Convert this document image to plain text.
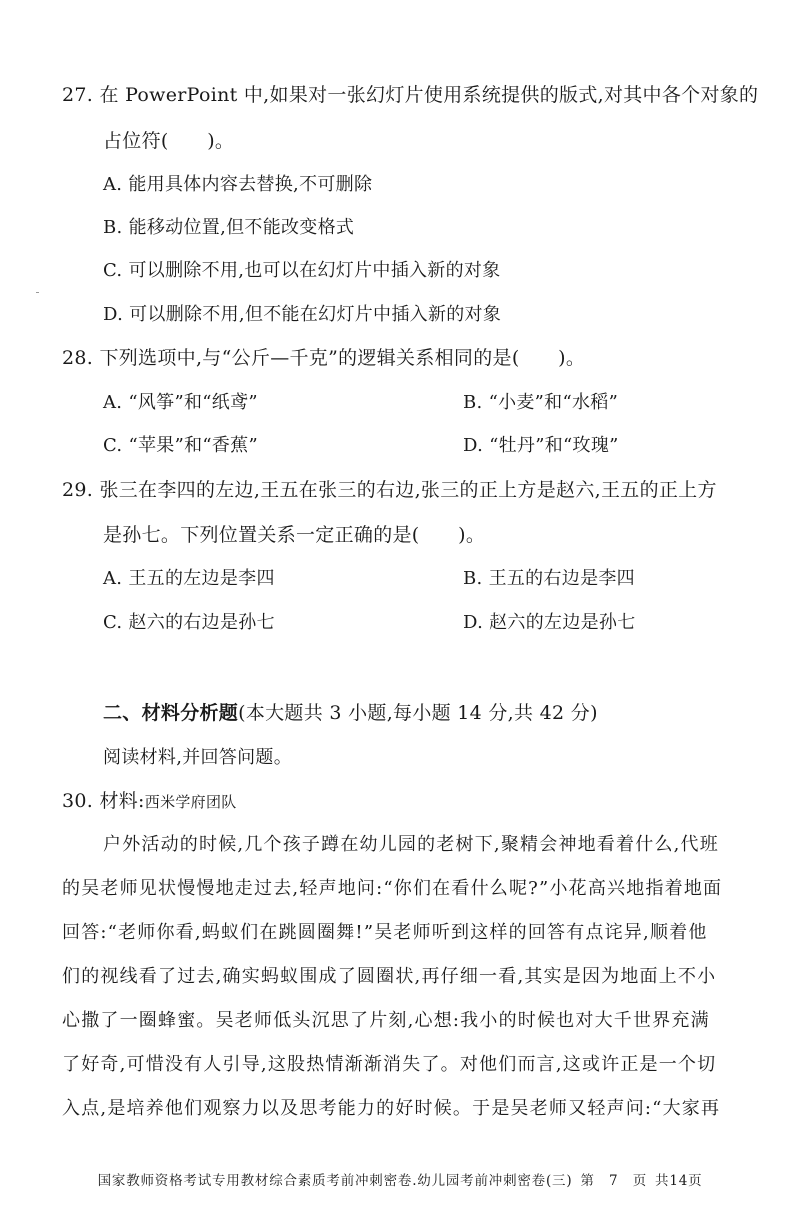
27. 在 PowerPoint 中,如果对一张幻灯片使用系统提供的版式,对其中各个对象的
占位符(　　)。
A. 能用具体内容去替换,不可删除
B. 能移动位置,但不能改变格式
C. 可以删除不用,也可以在幻灯片中插入新的对象
D. 可以删除不用,但不能在幻灯片中插入新的对象
28. 下列选项中,与“公斤—千克”的逻辑关系相同的是(　　)。
A. “风筝”和“纸鸢”	B. “小麦”和“水稻”
C. “苹果”和“香蕉”	D. “牡丹”和“玫瑰”
29. 张三在李四的左边,王五在张三的右边,张三的正上方是赵六,王五的正上方
是孙七。下列位置关系一定正确的是(　　)。
A. 王五的左边是李四	B. 王五的右边是李四
C. 赵六的右边是孙七	D. 赵六的左边是孙七
二、材料分析题(本大题共 3 小题,每小题 14 分,共 42 分)
阅读材料,并回答问题。
30. 材料:西米学府团队
户外活动的时候,几个孩子蹲在幼儿园的老树下,聚精会神地看着什么,代班
的吴老师见状慢慢地走过去,轻声地问:“你们在看什么呢?”小花高兴地指着地面
回答:“老师你看,蚂蚁们在跳圆圈舞!”吴老师听到这样的回答有点诧异,顺着他
们的视线看了过去,确实蚂蚁围成了圆圈状,再仔细一看,其实是因为地面上不小
心撒了一圈蜂蜜。吴老师低头沉思了片刻,心想:我小的时候也对大千世界充满
了好奇,可惜没有人引导,这股热情渐渐消失了。对他们而言,这或许正是一个切
入点,是培养他们观察力以及思考能力的好时候。于是吴老师又轻声问:“大家再
国家教师资格考试专用教材综合素质考前冲刺密卷.幼儿园考前冲刺密卷(三) 第　7　页 共14页
